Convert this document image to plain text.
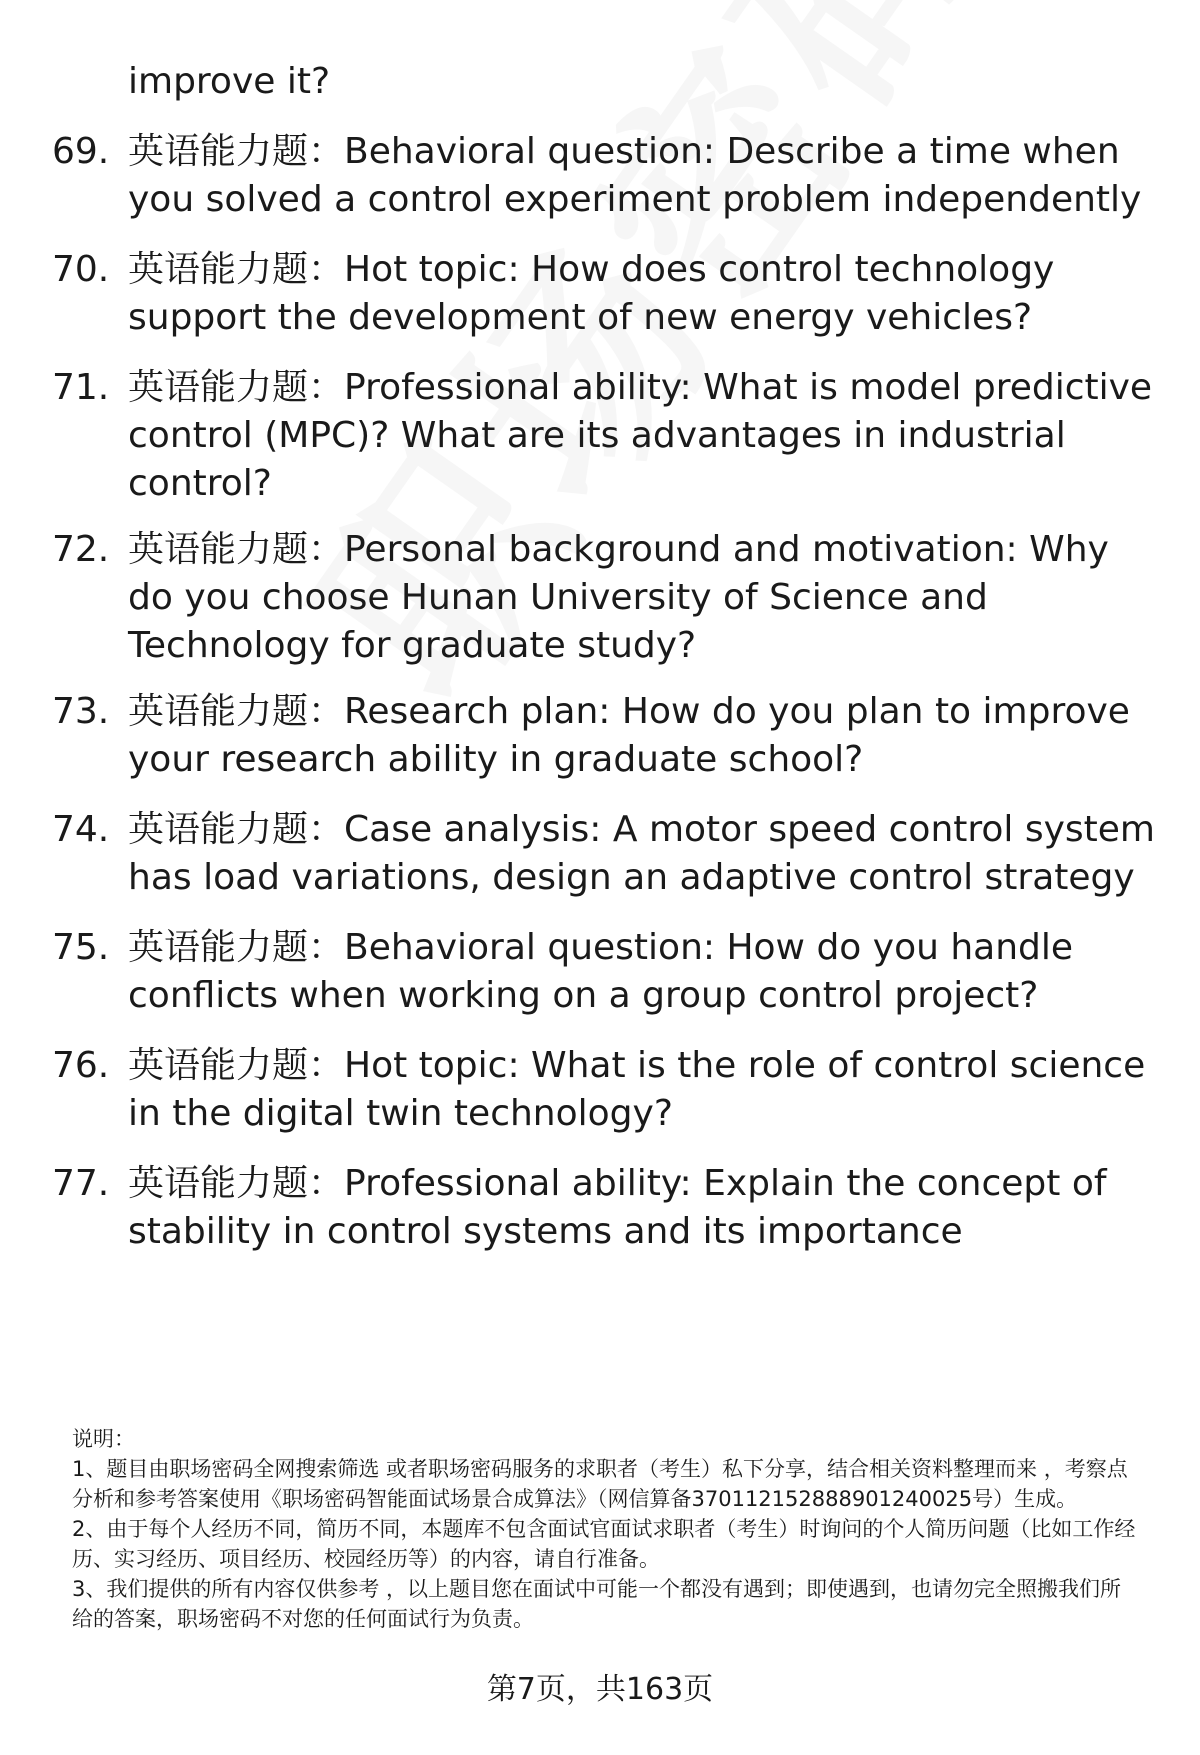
improve it?
69. 英语能力题：Behavioral question: Describe a time when you solved a control experiment problem independently
70. 英语能力题：Hot topic: How does control technology support the development of new energy vehicles?
71. 英语能力题：Professional ability: What is model predictive control (MPC)? What are its advantages in industrial control?
72. 英语能力题：Personal background and motivation: Why do you choose Hunan University of Science and Technology for graduate study?
73. 英语能力题：Research plan: How do you plan to improve your research ability in graduate school?
74. 英语能力题：Case analysis: A motor speed control system has load variations, design an adaptive control strategy
75. 英语能力题：Behavioral question: How do you handle conflicts when working on a group control project?
76. 英语能力题：Hot topic: What is the role of control science in the digital twin technology?
77. 英语能力题：Professional ability: Explain the concept of stability in control systems and its importance

说明：

1、题目由职场密码全网搜索筛选 或者职场密码服务的求职者（考生）私下分享，结合相关资料整理而来 ，考察点分析和参考答案使用《职场密码智能面试场景合成算法》（网信算备370112152888901240025号）生成。

2、由于每个人经历不同，简历不同，本题库不包含面试官面试求职者（考生）时询问的个人简历问题（比如工作经历、实习经历、项目经历、校园经历等）的内容，请自行准备。

3、我们提供的所有内容仅供参考 ，以上题目您在面试中可能一个都没有遇到；即使遇到，也请勿完全照搬我们所给的答案，职场密码不对您的任何面试行为负责。

第7页，共163页
